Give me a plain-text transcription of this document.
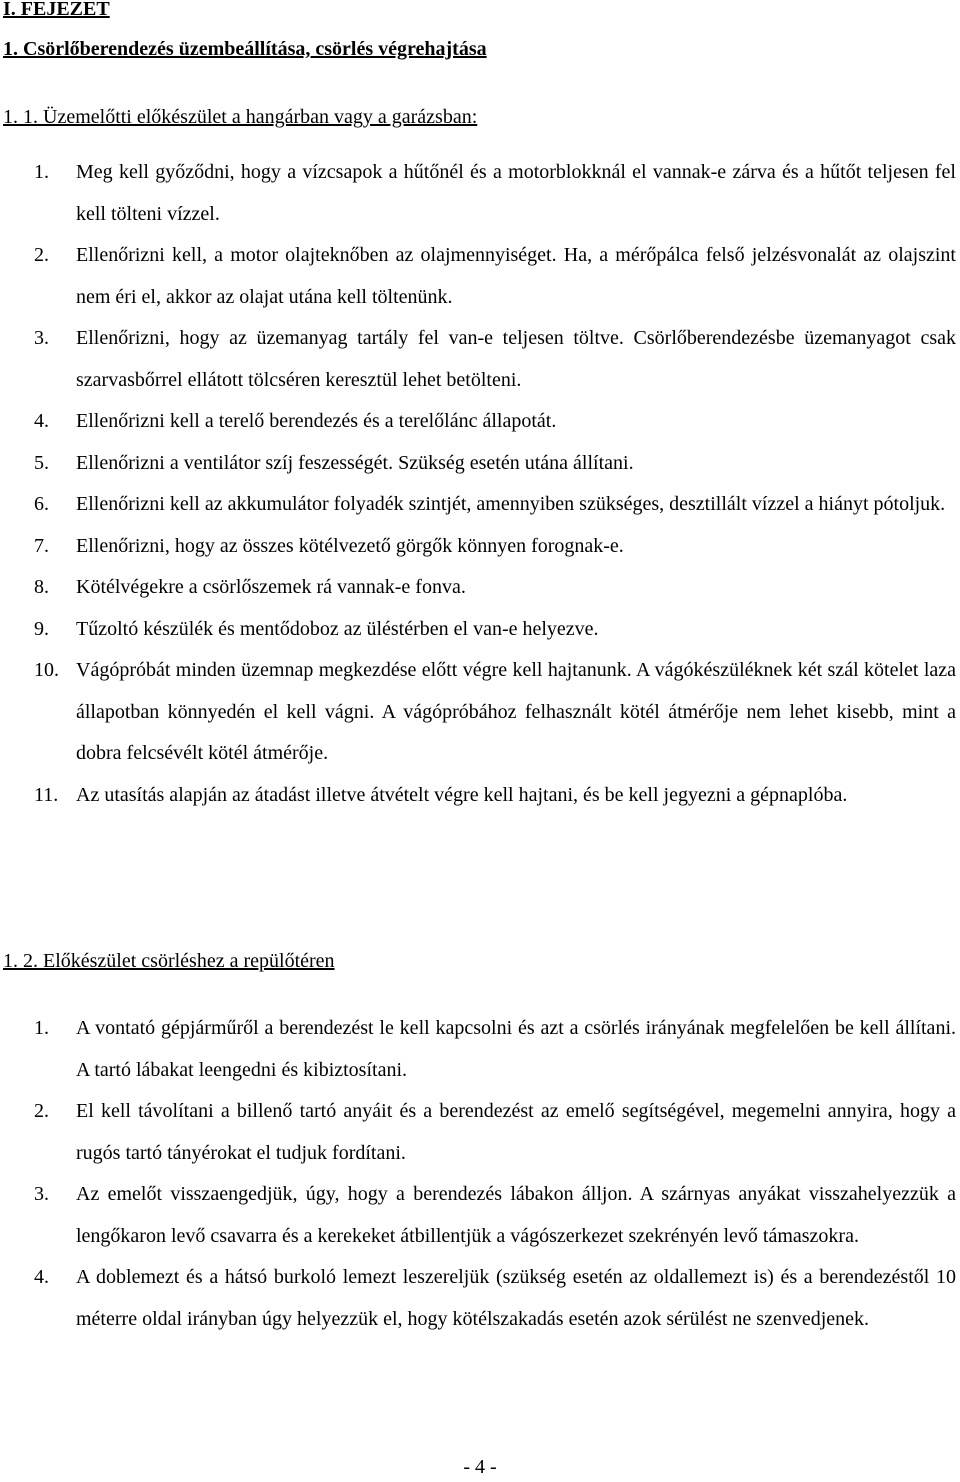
I. FEJEZET
1. Csörlőberendezés üzembeállítása, csörlés végrehajtása
1. 1. Üzemelőtti előkészület a hangárban vagy a garázsban:
1.	Meg kell győződni, hogy a vízcsapok a hűtőnél és a motorblokknál el vannak-e zárva és a hűtőt teljesen fel kell tölteni vízzel.
2.	Ellenőrizni kell, a motor olajteknőben az olajmennyiséget. Ha, a mérőpálca felső jelzésvonalát az olajszint nem éri el, akkor az olajat utána kell töltenünk.
3.	Ellenőrizni, hogy az üzemanyag tartály fel van-e teljesen töltve. Csörlőberendezésbe üzemanyagot csak szarvasbőrrel ellátott tölcséren keresztül lehet betölteni.
4.	Ellenőrizni kell a terelő berendezés és a terelőlánc állapotát.
5.	Ellenőrizni a ventilátor szíj feszességét. Szükség esetén utána állítani.
6.	Ellenőrizni kell az akkumulátor folyadék szintjét, amennyiben szükséges, desztillált vízzel a hiányt pótoljuk.
7.	Ellenőrizni, hogy az összes kötélvezető görgők könnyen forognak-e.
8.	Kötélvégekre a csörlőszemek rá vannak-e fonva.
9.	Tűzoltó készülék és mentődoboz az üléstérben el van-e helyezve.
10. Vágópróbát minden üzemnap megkezdése előtt végre kell hajtanunk. A vágókészüléknek két szál kötelet laza állapotban könnyedén el kell vágni. A vágópróbához felhasznált kötél átmérője nem lehet kisebb, mint a dobra felcsévélt kötél átmérője.
11. Az utasítás alapján az átadást illetve átvételt végre kell hajtani, és be kell jegyezni a gépnaplóba.
1. 2. Előkészület csörléshez a repülőtéren
1.	A vontató gépjárműről a berendezést le kell kapcsolni és azt a csörlés irányának megfelelően be kell állítani. A tartó lábakat leengedni és kibiztosítani.
2.	El kell távolítani a billenő tartó anyáit és a berendezést az emelő segítségével, megemelni annyira, hogy a rugós tartó tányérokat el tudjuk fordítani.
3.	Az emelőt visszaengedjük, úgy, hogy a berendezés lábakon álljon. A szárnyas anyákat visszahelyezzük a lengőkaron levő csavarra és a kerekeket átbillentjük a vágószerkezet szekrényén levő támaszokra.
4.	A doblemezt és a hátsó burkoló lemezt leszereljük (szükség esetén az oldallemezt is) és a berendezéstől 10 méterre oldal irányban úgy helyezzük el, hogy kötélszakadás esetén azok sérülést ne szenvedjenek.
- 4 -
